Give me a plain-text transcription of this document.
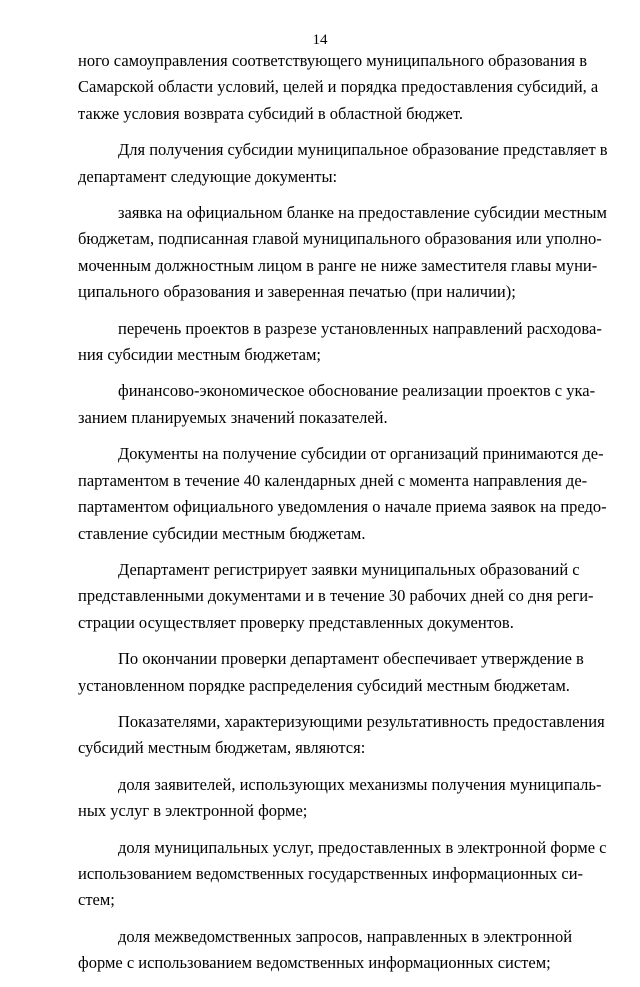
14
ного самоуправления соответствующего муниципального образования в
Самарской области условий, целей и порядка предоставления субсидий, а
также условия возврата субсидий в областной бюджет.
Для получения субсидии муниципальное образование представляет в
департамент следующие документы:
заявка на официальном бланке на предоставление субсидии местным
бюджетам, подписанная главой муниципального образования или уполно-
моченным должностным лицом в ранге не ниже заместителя главы муни-
ципального образования и заверенная печатью (при наличии);
перечень проектов в разрезе установленных направлений расходова-
ния субсидии местным бюджетам;
финансово-экономическое обоснование реализации проектов с ука-
занием планируемых значений показателей.
Документы на получение субсидии от организаций принимаются де-
партаментом в течение 40 календарных дней с момента направления де-
партаментом официального уведомления о начале приема заявок на предо-
ставление субсидии местным бюджетам.
Департамент регистрирует заявки муниципальных образований с
представленными документами и в течение 30 рабочих дней со дня реги-
страции осуществляет проверку представленных документов.
По окончании проверки департамент обеспечивает утверждение в
установленном порядке распределения субсидий местным бюджетам.
Показателями, характеризующими результативность предоставления
субсидий местным бюджетам, являются:
доля заявителей, использующих механизмы получения муниципаль-
ных услуг в электронной форме;
доля муниципальных услуг, предоставленных в электронной форме с
использованием ведомственных государственных информационных си-
стем;
доля межведомственных запросов, направленных в электронной
форме с использованием ведомственных информационных систем;
